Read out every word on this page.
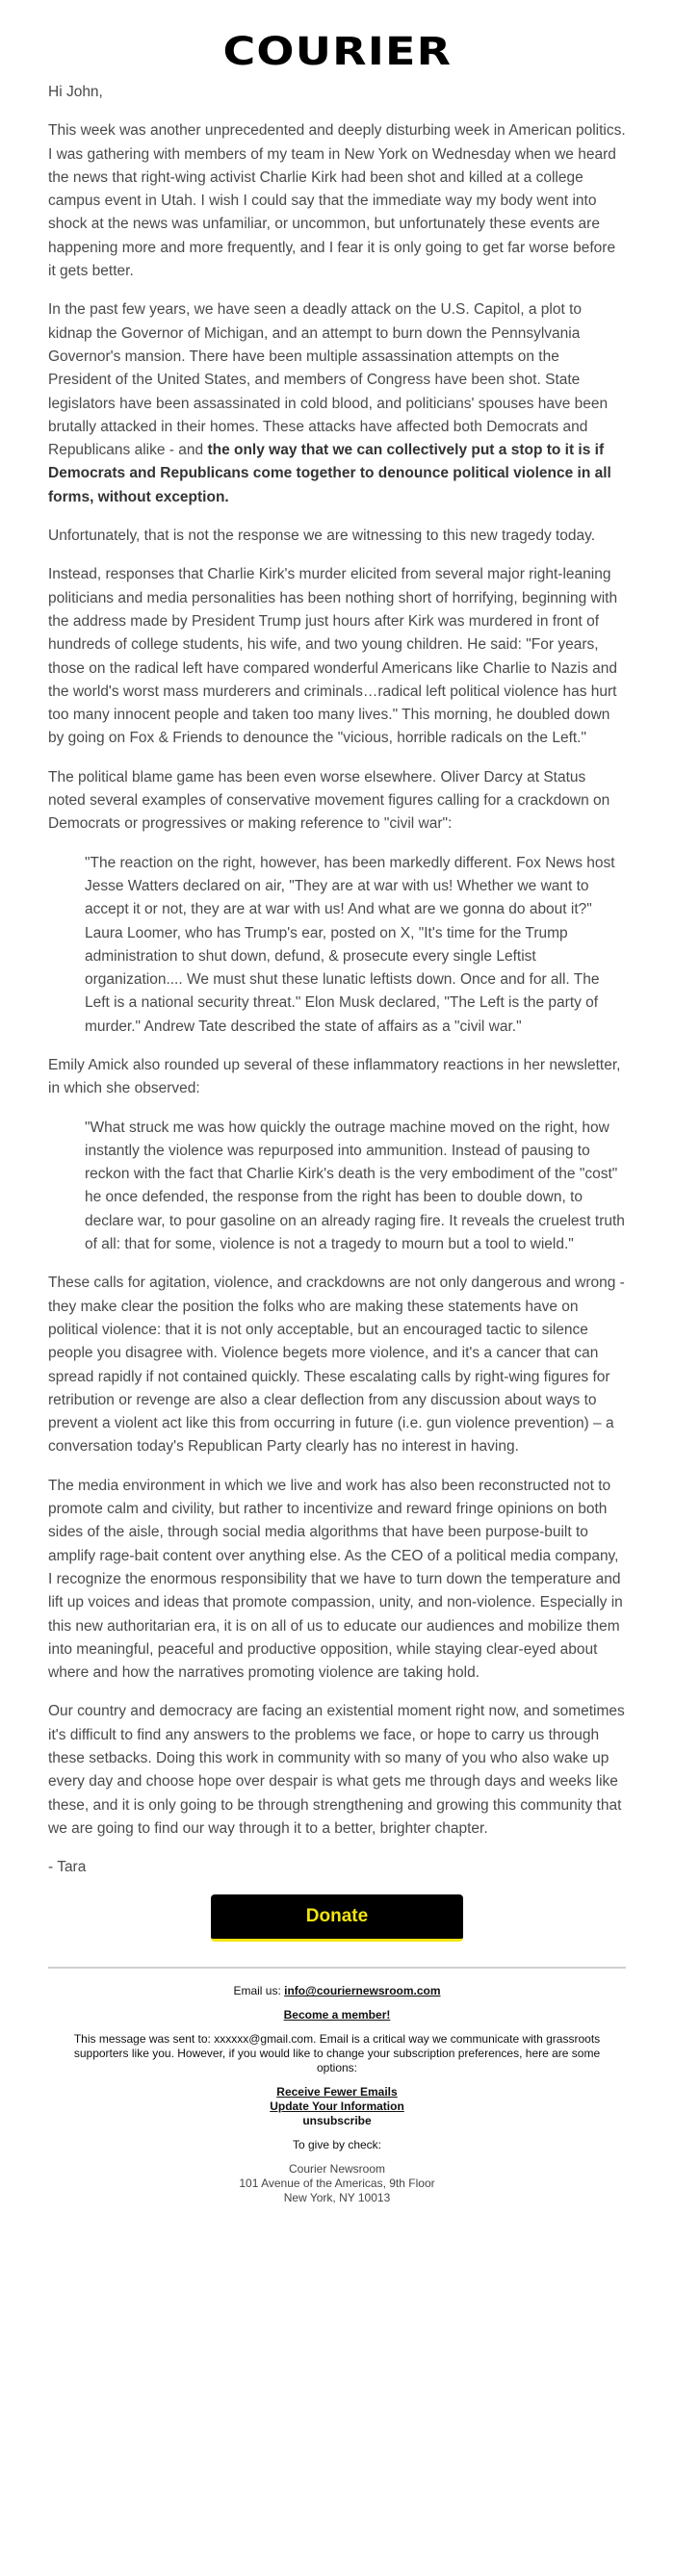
COURIER

Hi John,

This week was another unprecedented and deeply disturbing week in American politics. I was gathering with members of my team in New York on Wednesday when we heard the news that right-wing activist Charlie Kirk had been shot and killed at a college campus event in Utah. I wish I could say that the immediate way my body went into shock at the news was unfamiliar, or uncommon, but unfortunately these events are happening more and more frequently, and I fear it is only going to get far worse before it gets better.

In the past few years, we have seen a deadly attack on the U.S. Capitol, a plot to kidnap the Governor of Michigan, and an attempt to burn down the Pennsylvania Governor's mansion. There have been multiple assassination attempts on the President of the United States, and members of Congress have been shot. State legislators have been assassinated in cold blood, and politicians' spouses have been brutally attacked in their homes. These attacks have affected both Democrats and Republicans alike - and the only way that we can collectively put a stop to it is if Democrats and Republicans come together to denounce political violence in all forms, without exception.

Unfortunately, that is not the response we are witnessing to this new tragedy today.

Instead, responses that Charlie Kirk's murder elicited from several major right-leaning politicians and media personalities has been nothing short of horrifying, beginning with the address made by President Trump just hours after Kirk was murdered in front of hundreds of college students, his wife, and two young children. He said: "For years, those on the radical left have compared wonderful Americans like Charlie to Nazis and the world's worst mass murderers and criminals…radical left political violence has hurt too many innocent people and taken too many lives." This morning, he doubled down by going on Fox & Friends to denounce the "vicious, horrible radicals on the Left."

The political blame game has been even worse elsewhere. Oliver Darcy at Status noted several examples of conservative movement figures calling for a crackdown on Democrats or progressives or making reference to "civil war":

"The reaction on the right, however, has been markedly different. Fox News host Jesse Watters declared on air, "They are at war with us! Whether we want to accept it or not, they are at war with us! And what are we gonna do about it?" Laura Loomer, who has Trump's ear, posted on X, "It's time for the Trump administration to shut down, defund, & prosecute every single Leftist organization.... We must shut these lunatic leftists down. Once and for all. The Left is a national security threat." Elon Musk declared, "The Left is the party of murder." Andrew Tate described the state of affairs as a "civil war."

Emily Amick also rounded up several of these inflammatory reactions in her newsletter, in which she observed:

"What struck me was how quickly the outrage machine moved on the right, how instantly the violence was repurposed into ammunition. Instead of pausing to reckon with the fact that Charlie Kirk's death is the very embodiment of the "cost" he once defended, the response from the right has been to double down, to declare war, to pour gasoline on an already raging fire. It reveals the cruelest truth of all: that for some, violence is not a tragedy to mourn but a tool to wield."

These calls for agitation, violence, and crackdowns are not only dangerous and wrong - they make clear the position the folks who are making these statements have on political violence: that it is not only acceptable, but an encouraged tactic to silence people you disagree with. Violence begets more violence, and it's a cancer that can spread rapidly if not contained quickly. These escalating calls by right-wing figures for retribution or revenge are also a clear deflection from any discussion about ways to prevent a violent act like this from occurring in future (i.e. gun violence prevention) – a conversation today's Republican Party clearly has no interest in having.

The media environment in which we live and work has also been reconstructed not to promote calm and civility, but rather to incentivize and reward fringe opinions on both sides of the aisle, through social media algorithms that have been purpose-built to amplify rage-bait content over anything else. As the CEO of a political media company, I recognize the enormous responsibility that we have to turn down the temperature and lift up voices and ideas that promote compassion, unity, and non-violence. Especially in this new authoritarian era, it is on all of us to educate our audiences and mobilize them into meaningful, peaceful and productive opposition, while staying clear-eyed about where and how the narratives promoting violence are taking hold.

Our country and democracy are facing an existential moment right now, and sometimes it's difficult to find any answers to the problems we face, or hope to carry us through these setbacks. Doing this work in community with so many of you who also wake up every day and choose hope over despair is what gets me through days and weeks like these, and it is only going to be through strengthening and growing this community that we are going to find our way through it to a better, brighter chapter.

- Tara

Donate

Email us: info@couriernewsroom.com

Become a member!

This message was sent to: xxxxxx@gmail.com. Email is a critical way we communicate with grassroots supporters like you. However, if you would like to change your subscription preferences, here are some options:

Receive Fewer Emails
Update Your Information
unsubscribe

To give by check:

Courier Newsroom
101 Avenue of the Americas, 9th Floor
New York, NY 10013
